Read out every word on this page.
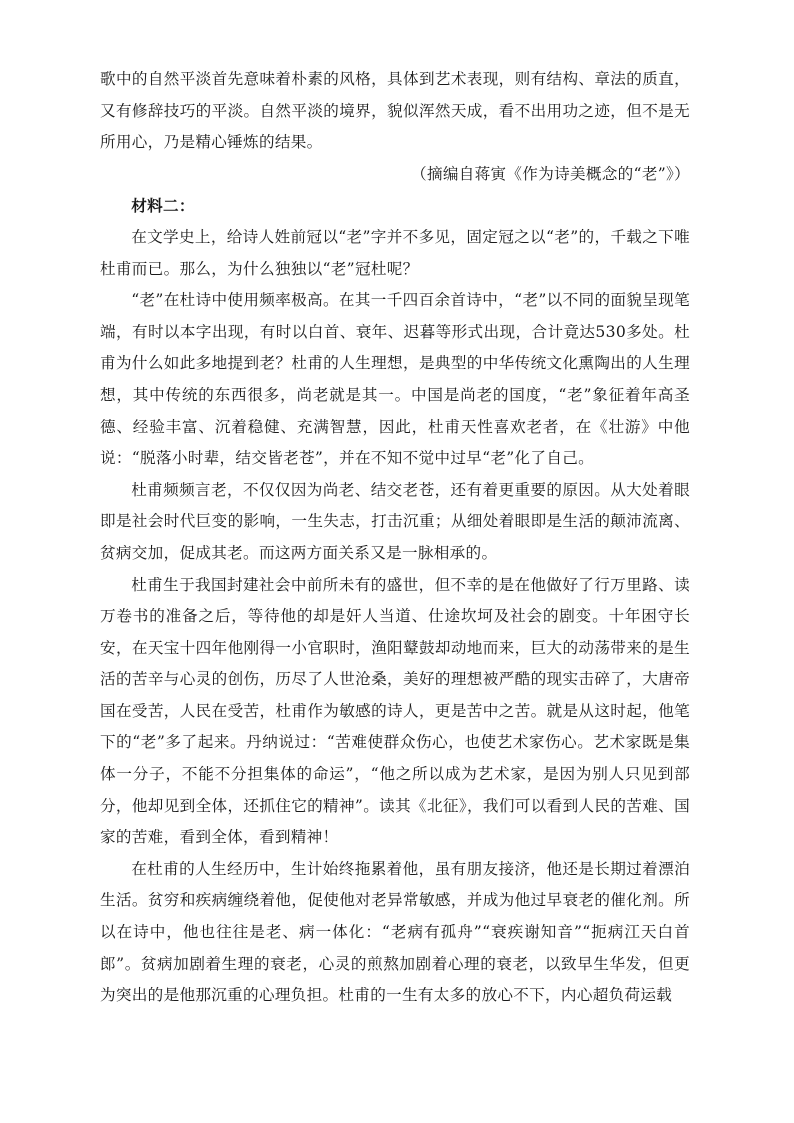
歌中的自然平淡首先意味着朴素的风格，具体到艺术表现，则有结构、章法的质直，又有修辞技巧的平淡。自然平淡的境界，貌似浑然天成，看不出用功之迹，但不是无所用心，乃是精心锤炼的结果。

（摘编自蒋寅《作为诗美概念的“老”》）

材料二：

在文学史上，给诗人姓前冠以“老”字并不多见，固定冠之以“老”的，千载之下唯杜甫而已。那么，为什么独独以“老”冠杜呢？

“老”在杜诗中使用频率极高。在其一千四百余首诗中，“老”以不同的面貌呈现笔端，有时以本字出现，有时以白首、衰年、迟暮等形式出现，合计竟达530多处。杜甫为什么如此多地提到老？杜甫的人生理想，是典型的中华传统文化熏陶出的人生理想，其中传统的东西很多，尚老就是其一。中国是尚老的国度，“老”象征着年高圣德、经验丰富、沉着稳健、充满智慧，因此，杜甫天性喜欢老者，在《壮游》中他说：“脱落小时辈，结交皆老苍”，并在不知不觉中过早“老”化了自己。

杜甫频频言老，不仅仅因为尚老、结交老苍，还有着更重要的原因。从大处着眼即是社会时代巨变的影响，一生失志，打击沉重；从细处着眼即是生活的颠沛流离、贫病交加，促成其老。而这两方面关系又是一脉相承的。

杜甫生于我国封建社会中前所未有的盛世，但不幸的是在他做好了行万里路、读万卷书的准备之后，等待他的却是奸人当道、仕途坎坷及社会的剧变。十年困守长安，在天宝十四年他刚得一小官职时，渔阳鼙鼓却动地而来，巨大的动荡带来的是生活的苦辛与心灵的创伤，历尽了人世沧桑，美好的理想被严酷的现实击碎了，大唐帝国在受苦，人民在受苦，杜甫作为敏感的诗人，更是苦中之苦。就是从这时起，他笔下的“老”多了起来。丹纳说过：“苦难使群众伤心，也使艺术家伤心。艺术家既是集体一分子，不能不分担集体的命运”，“他之所以成为艺术家，是因为别人只见到部分，他却见到全体，还抓住它的精神”。读其《北征》，我们可以看到人民的苦难、国家的苦难，看到全体，看到精神！

在杜甫的人生经历中，生计始终拖累着他，虽有朋友接济，他还是长期过着漂泊生活。贫穷和疾病缠绕着他，促使他对老异常敏感，并成为他过早衰老的催化剂。所以在诗中，他也往往是老、病一体化：“老病有孤舟”“衰疾谢知音”“扼病江天白首郎”。贫病加剧着生理的衰老，心灵的煎熬加剧着心理的衰老，以致早生华发，但更为突出的是他那沉重的心理负担。杜甫的一生有太多的放心不下，内心超负荷运载
